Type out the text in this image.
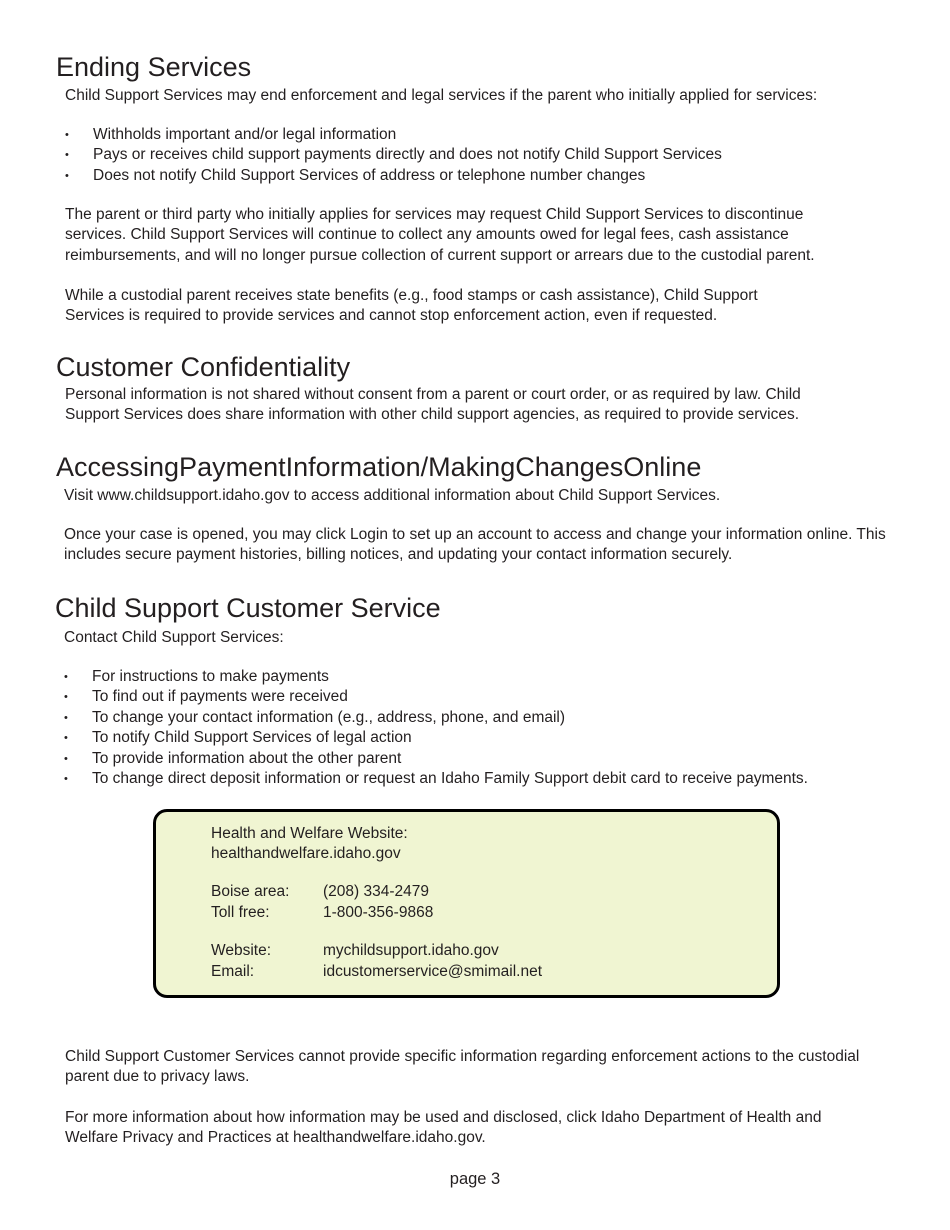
Ending Services

Child Support Services may end enforcement and legal services if the parent who initially applied for services:

•	Withholds important and/or legal information
•	Pays or receives child support payments directly and does not notify Child Support Services
•	Does not notify Child Support Services of address or telephone number changes

The parent or third party who initially applies for services may request Child Support Services to discontinue services. Child Support Services will continue to collect any amounts owed for legal fees, cash assistance reimbursements, and will no longer pursue collection of current support or arrears due to the custodial parent.

While a custodial parent receives state benefits (e.g., food stamps or cash assistance), Child Support Services is required to provide services and cannot stop enforcement action, even if requested.

Customer Confidentiality

Personal information is not shared without consent from a parent or court order, or as required by law. Child Support Services does share information with other child support agencies, as required to provide services.

AccessingPaymentInformation/MakingChangesOnline

Visit www.childsupport.idaho.gov to access additional information about Child Support Services.

Once your case is opened, you may click Login to set up an account to access and change your information online. This includes secure payment histories, billing notices, and updating your contact information securely.

Child Support Customer Service

Contact Child Support Services:

•	For instructions to make payments
•	To find out if payments were received
•	To change your contact information (e.g., address, phone, and email)
•	To notify Child Support Services of legal action
•	To provide information about the other parent
•	To change direct deposit information or request an Idaho Family Support debit card to receive payments.
Health and Welfare Website:
healthandwelfare.idaho.gov
Boise area: (208) 334-2479
Toll free:	1-800-356-9868
Website:	mychildsupport.idaho.gov
Email:	idcustomerservice@smimail.net

Child Support Customer Services cannot provide specific information regarding enforcement actions to the custodial parent due to privacy laws.

For more information about how information may be used and disclosed, click Idaho Department of Health and Welfare Privacy and Practices at healthandwelfare.idaho.gov.

page 3
